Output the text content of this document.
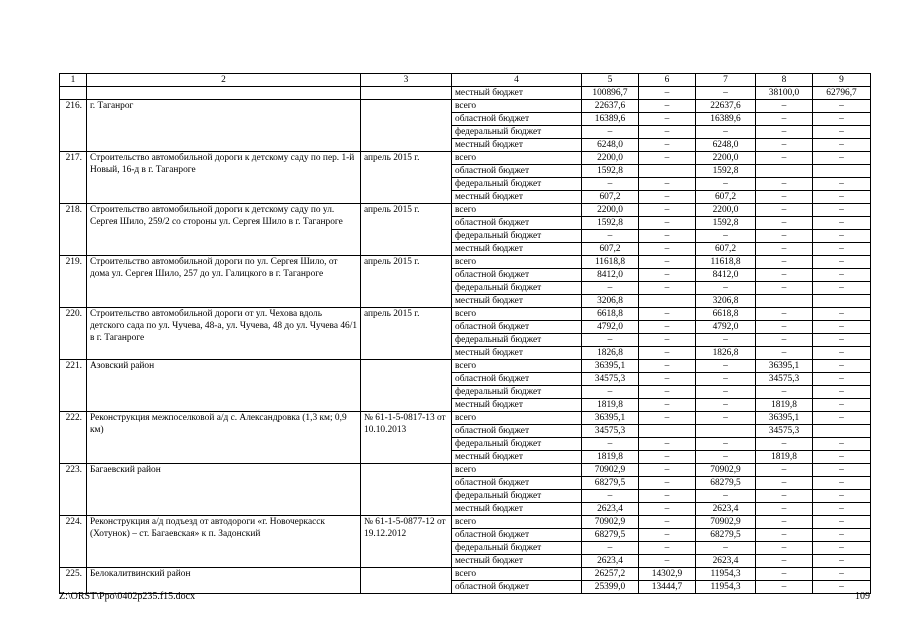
1	2	3	4	5	6	7	8	9
			местный бюджет	100896,7	–	–	38100,0	62796,7
216.	г. Таганрог		всего	22637,6	–	22637,6	–	–
			областной бюджет	16389,6	–	16389,6	–	–
			федеральный бюджет	–	–	–	–	–
			местный бюджет	6248,0	–	6248,0	–	–
217.	Строительство автомобильной дороги к детскому саду по пер. 1-й Новый, 16-д в г. Таганроге	апрель 2015 г.	всего	2200,0	–	2200,0	–	–
			областной бюджет	1592,8		1592,8		
			федеральный бюджет	–	–	–	–	–
			местный бюджет	607,2	–	607,2	–	–
218.	Строительство автомобильной дороги к детскому саду по ул. Сергея Шило, 259/2 со стороны ул. Сергея Шило в г. Таганроге	апрель 2015 г.	всего	2200,0	–	2200,0	–	–
			областной бюджет	1592,8	–	1592,8	–	–
			федеральный бюджет	–	–	–	–	–
			местный бюджет	607,2	–	607,2	–	–
219.	Строительство автомобильной дороги по ул. Сергея Шило, от дома ул. Сергея Шило, 257 до ул. Галицкого в г. Таганроге	апрель 2015 г.	всего	11618,8	–	11618,8	–	–
			областной бюджет	8412,0	–	8412,0	–	–
			федеральный бюджет	–	–	–	–	–
			местный бюджет	3206,8		3206,8		
220.	Строительство автомобильной дороги от ул. Чехова вдоль детского сада по ул. Чучева, 48-а, ул. Чучева, 48 до ул. Чучева 46/1 в г. Таганроге	апрель 2015 г.	всего	6618,8	–	6618,8	–	–
			областной бюджет	4792,0	–	4792,0	–	–
			федеральный бюджет	–	–	–	–	–
			местный бюджет	1826,8	–	1826,8	–	–
221.	Азовский район		всего	36395,1	–	–	36395,1	–
			областной бюджет	34575,3	–	–	34575,3	–
			федеральный бюджет	–	–	–	–	–
			местный бюджет	1819,8	–	–	1819,8	–
222.	Реконструкция межпоселковой а/д с. Александровка (1,3 км; 0,9 км)	№ 61-1-5-0817-13 от 10.10.2013	всего	36395,1	–	–	36395,1	–
			областной бюджет	34575,3			34575,3	
			федеральный бюджет	–	–	–	–	–
			местный бюджет	1819,8	–	–	1819,8	–
223.	Багаевский район		всего	70902,9	–	70902,9	–	–
			областной бюджет	68279,5	–	68279,5	–	–
			федеральный бюджет	–	–	–	–	–
			местный бюджет	2623,4	–	2623,4	–	–
224.	Реконструкция а/д подъезд от автодороги «г. Новочеркасск (Хотунок) – ст. Багаевская» к п. Задонский	№ 61-1-5-0877-12 от 19.12.2012	всего	70902,9	–	70902,9	–	–
			областной бюджет	68279,5	–	68279,5	–	–
			федеральный бюджет	–	–	–	–	–
			местный бюджет	2623,4	–	2623,4	–	–
225.	Белокалитвинский район		всего	26257,2	14302,9	11954,3	–	–
			областной бюджет	25399,0	13444,7	11954,3	–	–
Z:\ORST\Ppo\0402p235.f15.docx	109
